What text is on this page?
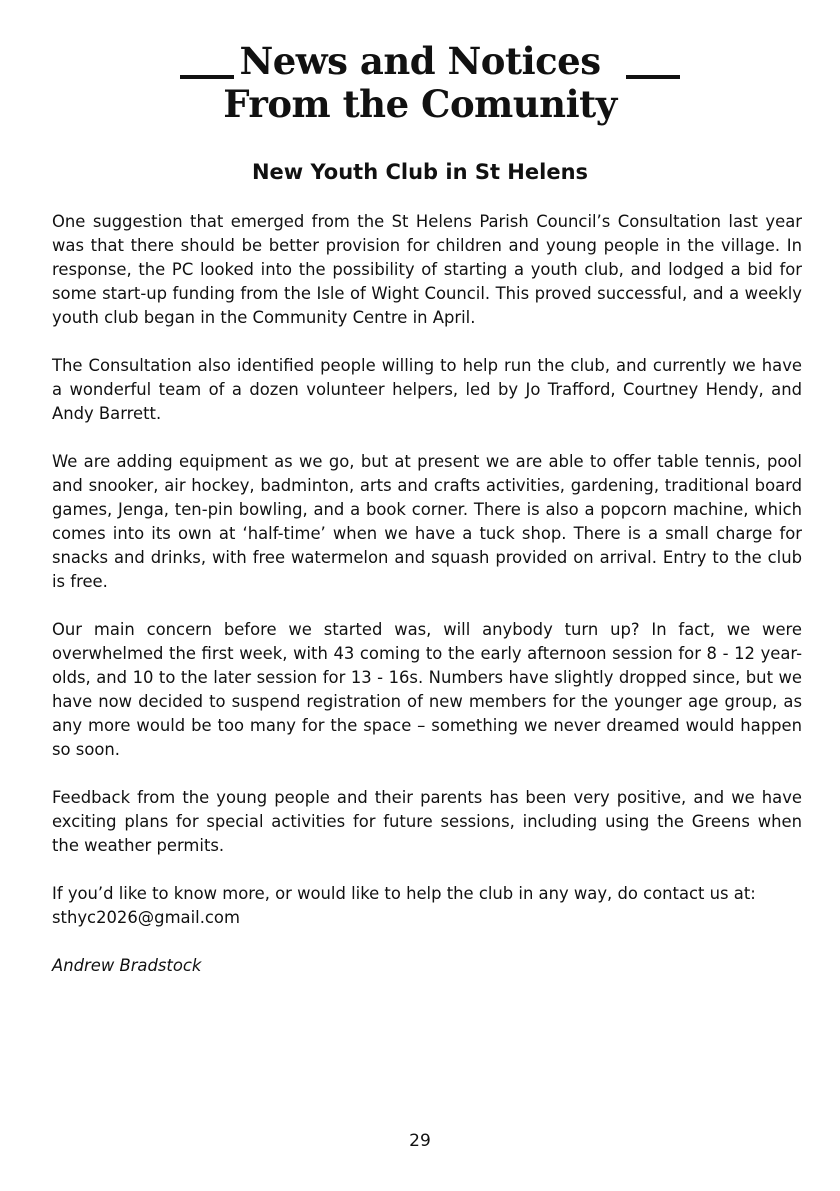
News and Notices
From the Comunity
New Youth Club in St Helens

One suggestion that emerged from the St Helens Parish Council’s Consultation last year was that there should be better provision for children and young people in the village. In response, the PC looked into the possibility of starting a youth club, and lodged a bid for some start-up funding from the Isle of Wight Council. This proved successful, and a weekly youth club began in the Community Centre in April.

The Consultation also identified people willing to help run the club, and currently we have a wonderful team of a dozen volunteer helpers, led by Jo Trafford, Courtney Hendy, and Andy Barrett.

We are adding equipment as we go, but at present we are able to offer table tennis, pool and snooker, air hockey, badminton, arts and crafts activities, gardening, traditional board games, Jenga, ten-pin bowling, and a book corner. There is also a popcorn machine, which comes into its own at ‘half-time’ when we have a tuck shop. There is a small charge for snacks and drinks, with free watermelon and squash provided on arrival. Entry to the club is free.

Our main concern before we started was, will anybody turn up? In fact, we were overwhelmed the first week, with 43 coming to the early afternoon session for 8 - 12 year-olds, and 10 to the later session for 13 - 16s. Numbers have slightly dropped since, but we have now decided to suspend registration of new members for the younger age group, as any more would be too many for the space – something we never dreamed would happen so soon.

Feedback from the young people and their parents has been very positive, and we have exciting plans for special activities for future sessions, including using the Greens when the weather permits.

If you’d like to know more, or would like to help the club in any way, do contact us at:
sthyc2026@gmail.com

Andrew Bradstock

29
